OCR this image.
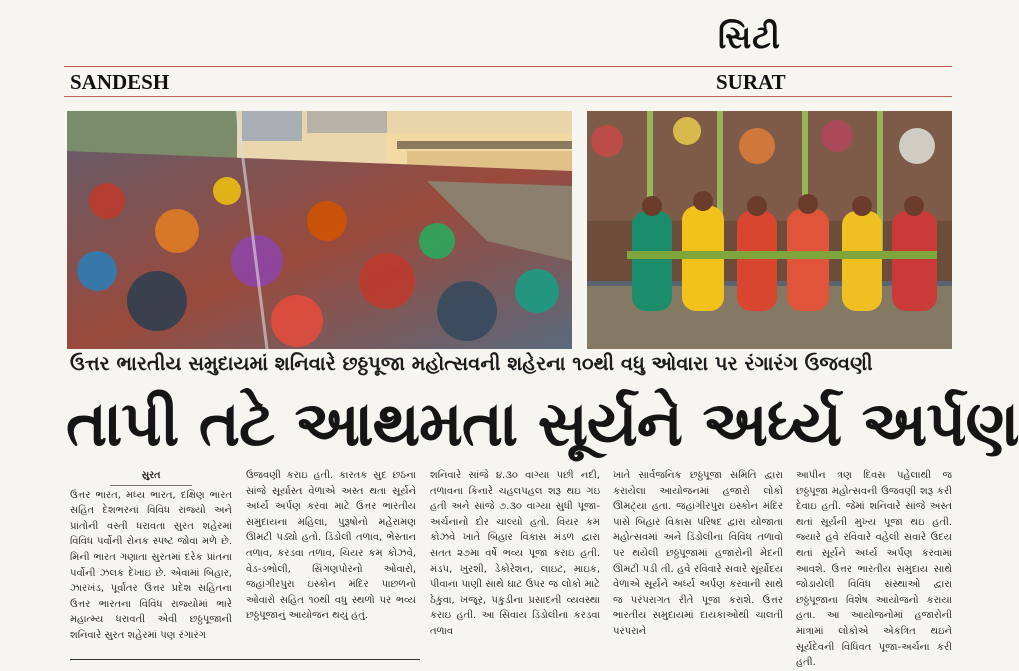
સિટી
SANDESH	SURAT
ઉત્તર ભારતીય સમુદાયમાં શનિવારે છઠ્ઠપૂજા મહોત્સવની શહેરના ૧૦થી વધુ ઓવારા પર રંગારંગ ઉજવણી
તાપી તટે આથમતા સૂર્યને અર્ધ્ય અર્પણ
સુરત

ઉત્તર ભારત, મધ્ય ભારત, દક્ષિણ ભારત સહિત દેશભરનાં વિવિધ રાજ્યો અને પ્રાંતોની વસ્તી ધરાવતા સુરત શહેરમાં વિવિધ પર્વોની રોનક સ્પષ્ટ જોવા મળે છે. મિની ભારત ગણાતા સુરતમાં દરેક પ્રાંતના પર્વોની ઝલક દેખાઇ છે. એવામાં બિહાર, ઝારખંડ, પૂર્વાંતર ઉત્તર પ્રદેશ સહિતના ઉત્તર ભારતના વિવિધ રાજ્યોમાં ભારે મહાત્મ્ય ધરાવતી એવી છઠ્ઠપૂજાની શનિવારે સુરત શહેરમાં પણ રંગારંગ

ઉજવણી કરાઇ હતી. કારતક સુદ છઠના સાંજે સૂર્યાસ્ત વેળાએ અસ્ત થતા સૂર્યને અર્ધ્ય અર્પણ કરવા માટે ઉત્તર ભારતીય સમુદાયના મહિલા, પુરૂષોનો મહેરામણ ઊમટી પડ્યો હતો. ડિંડોલી તળાવ, ભેસ્તાન તળાવ, કરડવા તળાવ, ચિયર કમ કોઝવે, વેડ-ડભોલી, સિંગણપોરનો ઓવારો, જહાંગીરપુરા ઇસ્કોન મંદિર પાછળનો ઓવારો સહિત ૧૦થી વધુ સ્થળો પર ભવ્ય છઠ્ઠપૂજાનું આયોજન થયું હતું.

શનિવારે સાંજે ૪.૩૦ વાગ્યા પછી નદી, તળાવના કિનારે ચહલપહલ શરૂ થઇ ગઇ હતી અને સાંજે ૭.૩૦ વાગ્યા સુધી પૂજા-અર્ચનાનો દોર ચાલ્યો હતો. વિયર કમ કોઝવે ખાતે બિહાર વિકાસ મંડળ દ્વારા સતત ૨૭મા વર્ષે ભવ્ય પૂજા કરાઇ હતી. મંડપ, ખુરશી, ડેકોરેશન, લાઇટ, માઇક, પીવાના પાણી સાથે ઘાટ ઉપર જ લોકો માટે ઠેકુવા, ખજૂર, પકુડીના પ્રસાદની વ્યવસ્થા કરાઇ હતી. આ સિવાય ડિંડોલીના કરડવા તળાવ

ખાતે સાર્વજનિક છઠ્ઠપૂજા સમિતિ દ્વારા કરાયેલા આયોજનમાં હજારો લોકો ઊમટ્યા હતા. જહાંગીરપુરા ઇસ્કોન મંદિર પાસે બિહાર વિકાસ પરિષદ દ્વારા યોજાતા મહોત્સવમાં અને ડિંડોલીના વિવિધ તળાવો પર થયેલી છઠ્ઠપૂજામાં હજારોની મેદની ઊમટી પડી તી. હવે રવિવારે સવારે સૂર્યોદય વેળાએ સૂર્યને અર્ધ્ય અર્પણ કરવાની સાથે જ પરંપરાગત રીતે પૂજા કરાશે. ઉત્તર ભારતીય સમુદાયમાં દાયકાઓથી ચાલતી પરંપરાને

આપીન ત્રણ દિવસ પહેલાથી જ છઠ્ઠપૂજા મહોત્સવની ઉજવણી શરૂ કરી દેવાઇ હતી. જેમાં શનિવારે સાંજે અસ્ત થતાં સૂર્યની મુખ્ય પૂજા થઇ હતી. જ્યારે હવે રવિવારે વહેલી સવારે ઉદય થતાં સૂર્યને અર્ધ્ય અર્પણ કરવામાં આવશે. ઉત્તર ભારતીય સમુદાય સાથે જોડાયેલી વિવિધ સંસ્થાઓ દ્વારા છઠ્ઠપૂજાના વિશેષ આયોજનો કરાયા હતા. આ આયોજનોમાં હજારોની માત્રામાં લોકોએ એકત્રિત થઇને સૂર્યદેવની વિધિવત પૂજા-અર્ચના કરી હતી.
